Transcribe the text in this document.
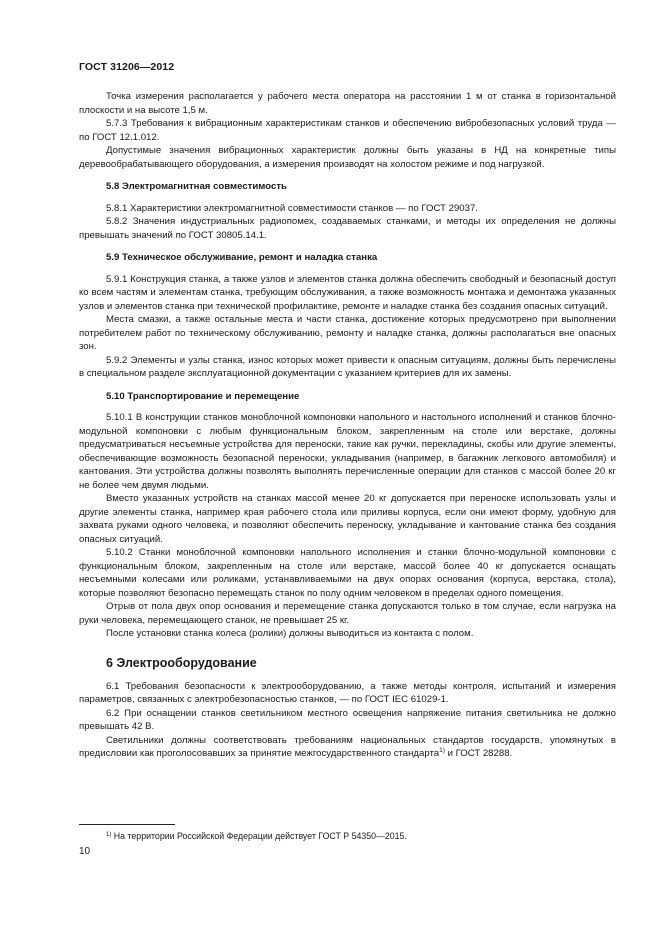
ГОСТ 31206—2012

Точка измерения располагается у рабочего места оператора на расстоянии 1 м от станка в горизонтальной плоскости и на высоте 1,5 м.

5.7.3 Требования к вибрационным характеристикам станков и обеспечению вибробезопасных условий труда — по ГОСТ 12.1.012.

Допустимые значения вибрационных характеристик должны быть указаны в НД на конкретные типы деревообрабатывающего оборудования, а измерения производят на холостом режиме и под нагрузкой.

5.8 Электромагнитная совместимость

5.8.1 Характеристики электромагнитной совместимости станков — по ГОСТ 29037.

5.8.2 Значения индустриальных радиопомех, создаваемых станками, и методы их определения не должны превышать значений по ГОСТ 30805.14.1.

5.9 Техническое обслуживание, ремонт и наладка станка

5.9.1 Конструкция станка, а также узлов и элементов станка должна обеспечить свободный и безопасный доступ ко всем частям и элементам станка, требующим обслуживания, а также возможность монтажа и демонтажа указанных узлов и элементов станка при технической профилактике, ремонте и наладке станка без создания опасных ситуаций.

Места смазки, а также остальные места и части станка, достижение которых предусмотрено при выполнении потребителем работ по техническому обслуживанию, ремонту и наладке станка, должны располагаться вне опасных зон.

5.9.2 Элементы и узлы станка, износ которых может привести к опасным ситуациям, должны быть перечислены в специальном разделе эксплуатационной документации с указанием критериев для их замены.

5.10 Транспортирование и перемещение

5.10.1 В конструкции станков моноблочной компоновки напольного и настольного исполнений и станков блочно-модульной компоновки с любым функциональным блоком, закрепленным на столе или верстаке, должны предусматриваться несъемные устройства для переноски, такие как ручки, перекладины, скобы или другие элементы, обеспечивающие возможность безопасной переноски, укладывания (например, в багажник легкового автомобиля) и кантования. Эти устройства должны позволять выполнять перечисленные операции для станков с массой более 20 кг не более чем двумя людьми.

Вместо указанных устройств на станках массой менее 20 кг допускается при переноске использовать узлы и другие элементы станка, например края рабочего стола или приливы корпуса, если они имеют форму, удобную для захвата руками одного человека, и позволяют обеспечить переноску, укладывание и кантование станка без создания опасных ситуаций.

5.10.2 Станки моноблочной компоновки напольного исполнения и станки блочно-модульной компоновки с функциональным блоком, закрепленным на столе или верстаке, массой более 40 кг допускается оснащать несъемными колесами или роликами, устанавливаемыми на двух опорах основания (корпуса, верстака, стола), которые позволяют безопасно перемещать станок по полу одним человеком в пределах одного помещения.

Отрыв от пола двух опор основания и перемещение станка допускаются только в том случае, если нагрузка на руки человека, перемещающего станок, не превышает 25 кг.

После установки станка колеса (ролики) должны выводиться из контакта с полом.

6 Электрооборудование

6.1 Требования безопасности к электрооборудованию, а также методы контроля, испытаний и измерения параметров, связанных с электробезопасностью станков, — по ГОСТ IEC 61029-1.

6.2 При оснащении станков светильником местного освещения напряжение питания светильника не должно превышать 42 В.

Светильники должны соответствовать требованиям национальных стандартов государств, упомянутых в предисловии как проголосовавших за принятие межгосударственного стандарта$^{1)}$ и ГОСТ 28288.

$^{1)}$ На территории Российской Федерации действует ГОСТ Р 54350—2015.
10
